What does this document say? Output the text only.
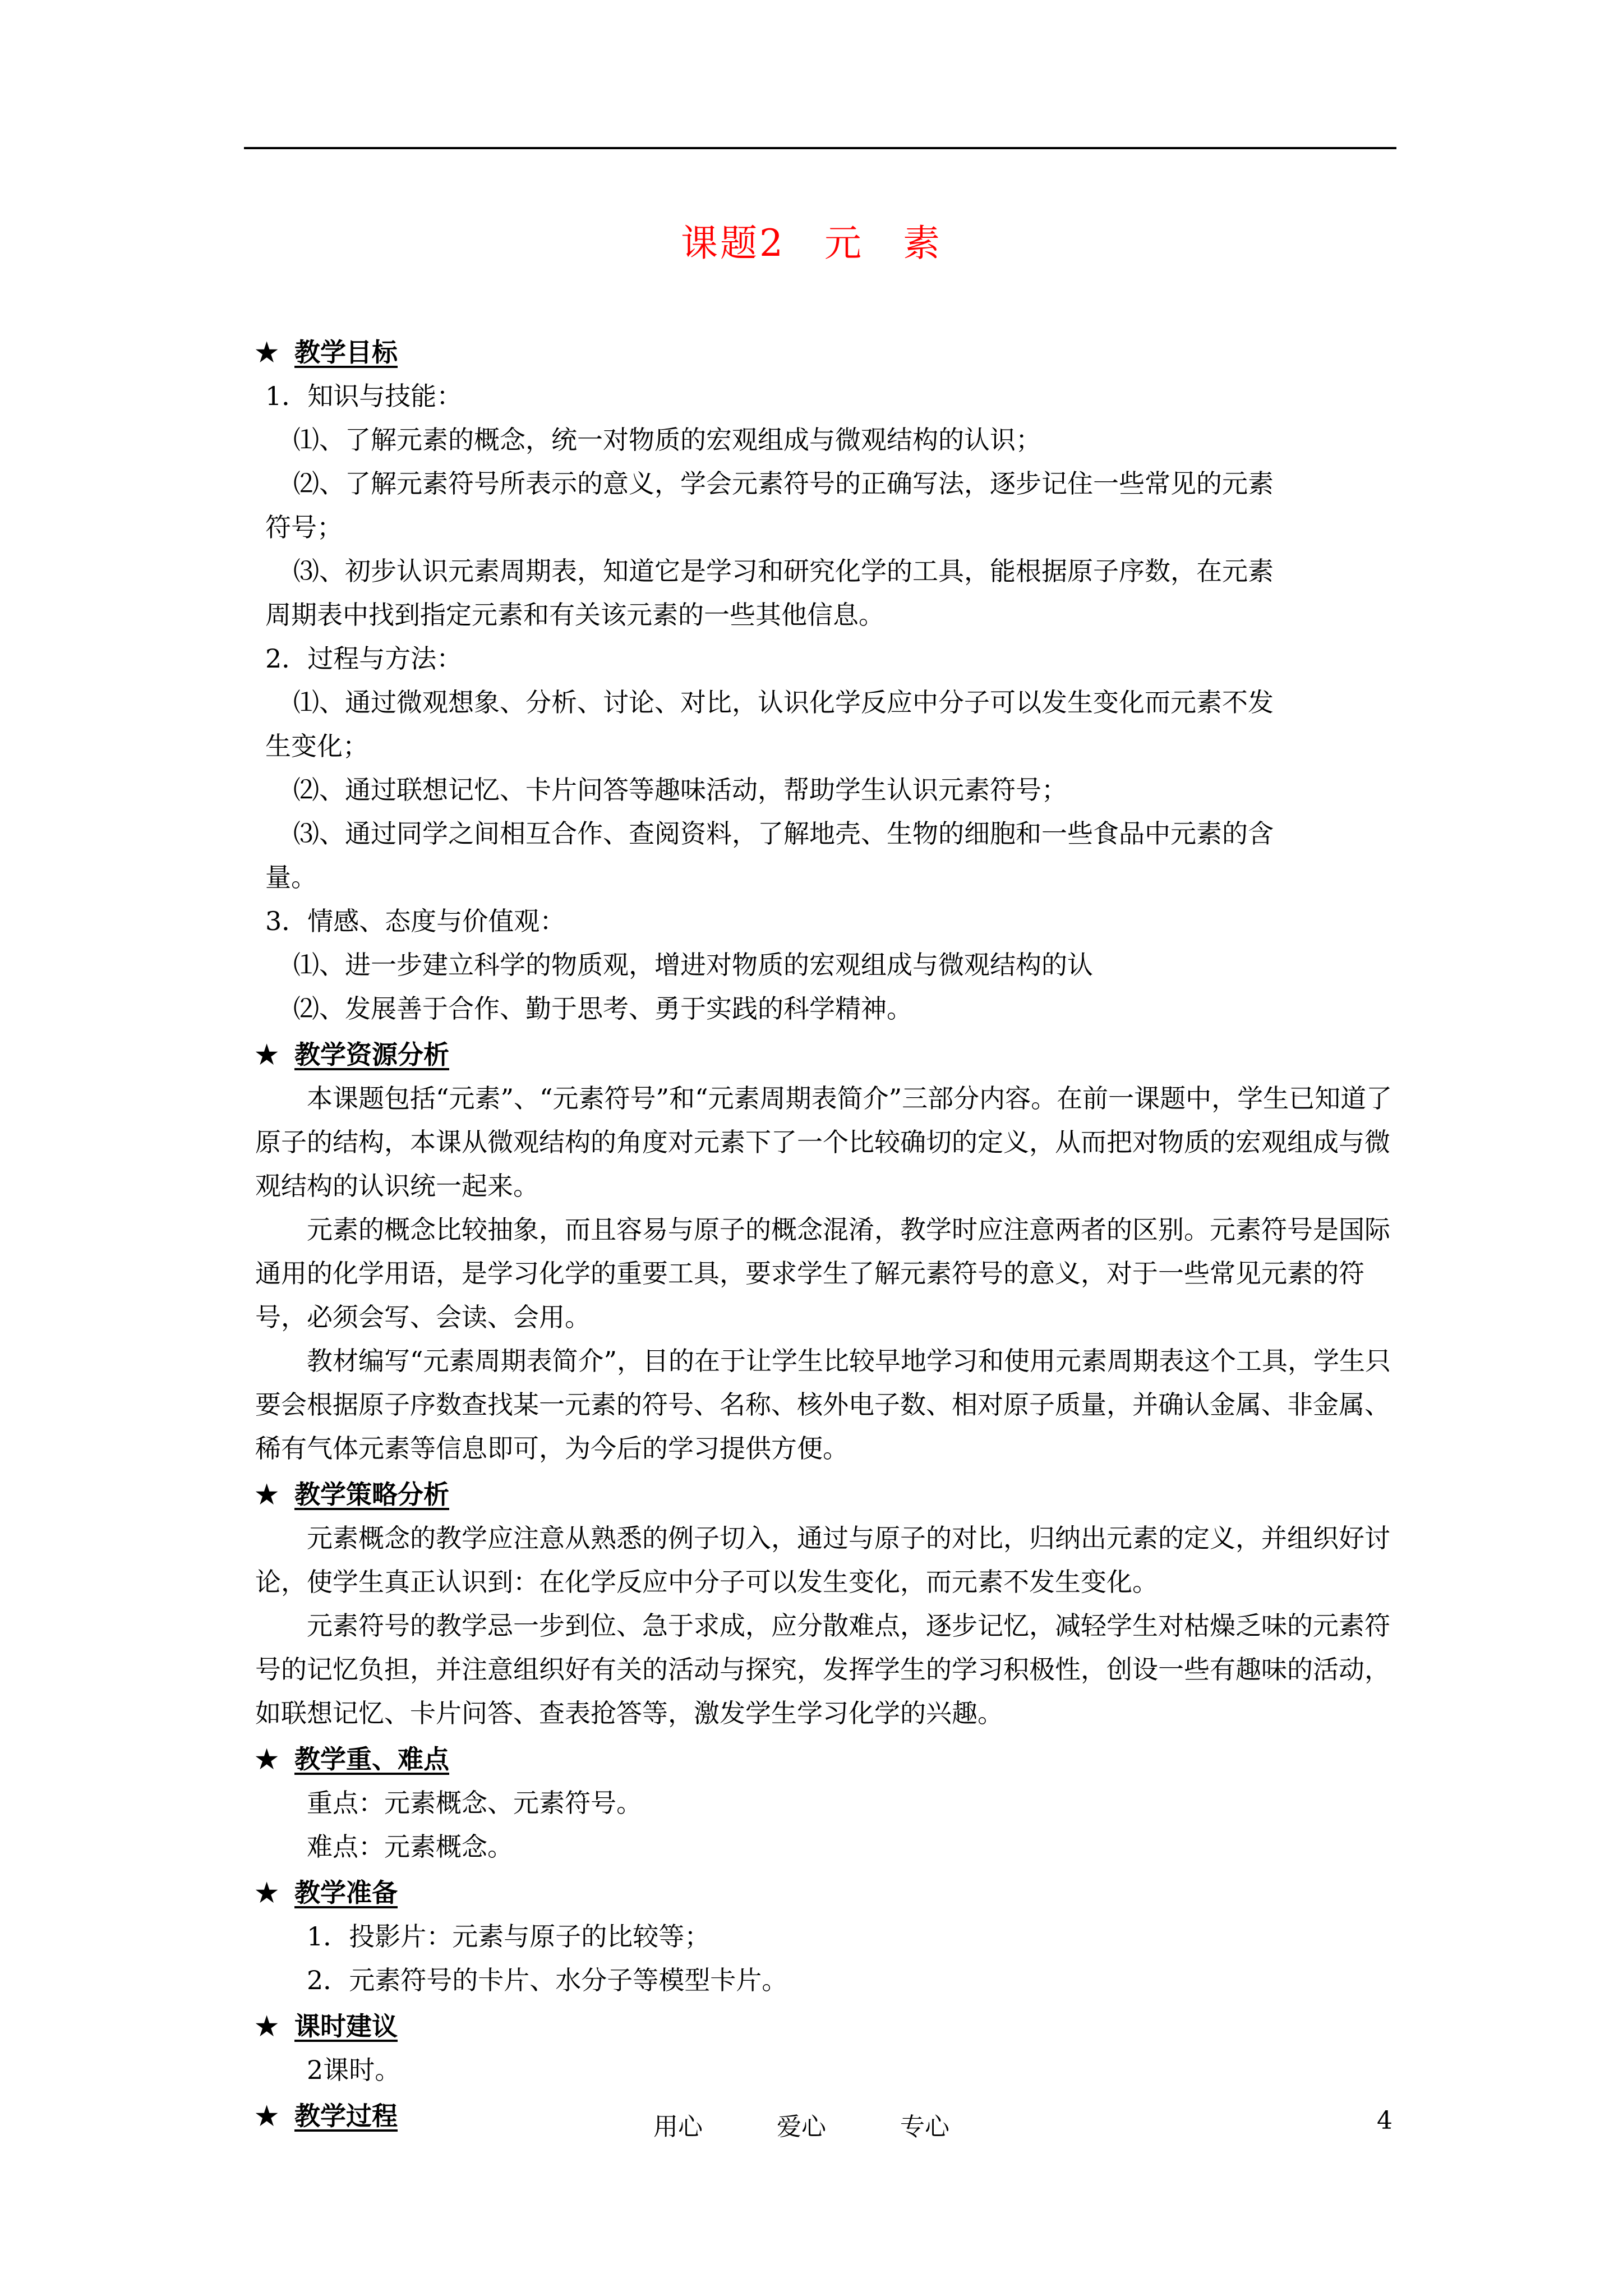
课题2　元　素
★ 教学目标
1．知识与技能：
⑴、了解元素的概念，统一对物质的宏观组成与微观结构的认识；
⑵、了解元素符号所表示的意义，学会元素符号的正确写法，逐步记住一些常见的元素
符号；
⑶、初步认识元素周期表，知道它是学习和研究化学的工具，能根据原子序数，在元素
周期表中找到指定元素和有关该元素的一些其他信息。
2．过程与方法：
⑴、通过微观想象、分析、讨论、对比，认识化学反应中分子可以发生变化而元素不发
生变化；
⑵、通过联想记忆、卡片问答等趣味活动，帮助学生认识元素符号；
⑶、通过同学之间相互合作、查阅资料，了解地壳、生物的细胞和一些食品中元素的含
量。
3．情感、态度与价值观：
⑴、进一步建立科学的物质观，增进对物质的宏观组成与微观结构的认
⑵、发展善于合作、勤于思考、勇于实践的科学精神。
★ 教学资源分析
本课题包括“元素”、“元素符号”和“元素周期表简介”三部分内容。在前一课题中，学生已知道了原子的结构，本课从微观结构的角度对元素下了一个比较确切的定义，从而把对物质的宏观组成与微观结构的认识统一起来。
元素的概念比较抽象，而且容易与原子的概念混淆，教学时应注意两者的区别。元素符号是国际通用的化学用语，是学习化学的重要工具，要求学生了解元素符号的意义，对于一些常见元素的符号，必须会写、会读、会用。
教材编写“元素周期表简介”，目的在于让学生比较早地学习和使用元素周期表这个工具，学生只要会根据原子序数查找某一元素的符号、名称、核外电子数、相对原子质量，并确认金属、非金属、稀有气体元素等信息即可，为今后的学习提供方便。
★ 教学策略分析
元素概念的教学应注意从熟悉的例子切入，通过与原子的对比，归纳出元素的定义，并组织好讨论，使学生真正认识到：在化学反应中分子可以发生变化，而元素不发生变化。
元素符号的教学忌一步到位、急于求成，应分散难点，逐步记忆，减轻学生对枯燥乏味的元素符号的记忆负担，并注意组织好有关的活动与探究，发挥学生的学习积极性，创设一些有趣味的活动，如联想记忆、卡片问答、查表抢答等，激发学生学习化学的兴趣。
★ 教学重、难点
重点：元素概念、元素符号。
难点：元素概念。
★ 教学准备
1．投影片：元素与原子的比较等；
2．元素符号的卡片、水分子等模型卡片。
★ 课时建议
2课时。
★ 教学过程	用心　　　爱心　　　专心	4
